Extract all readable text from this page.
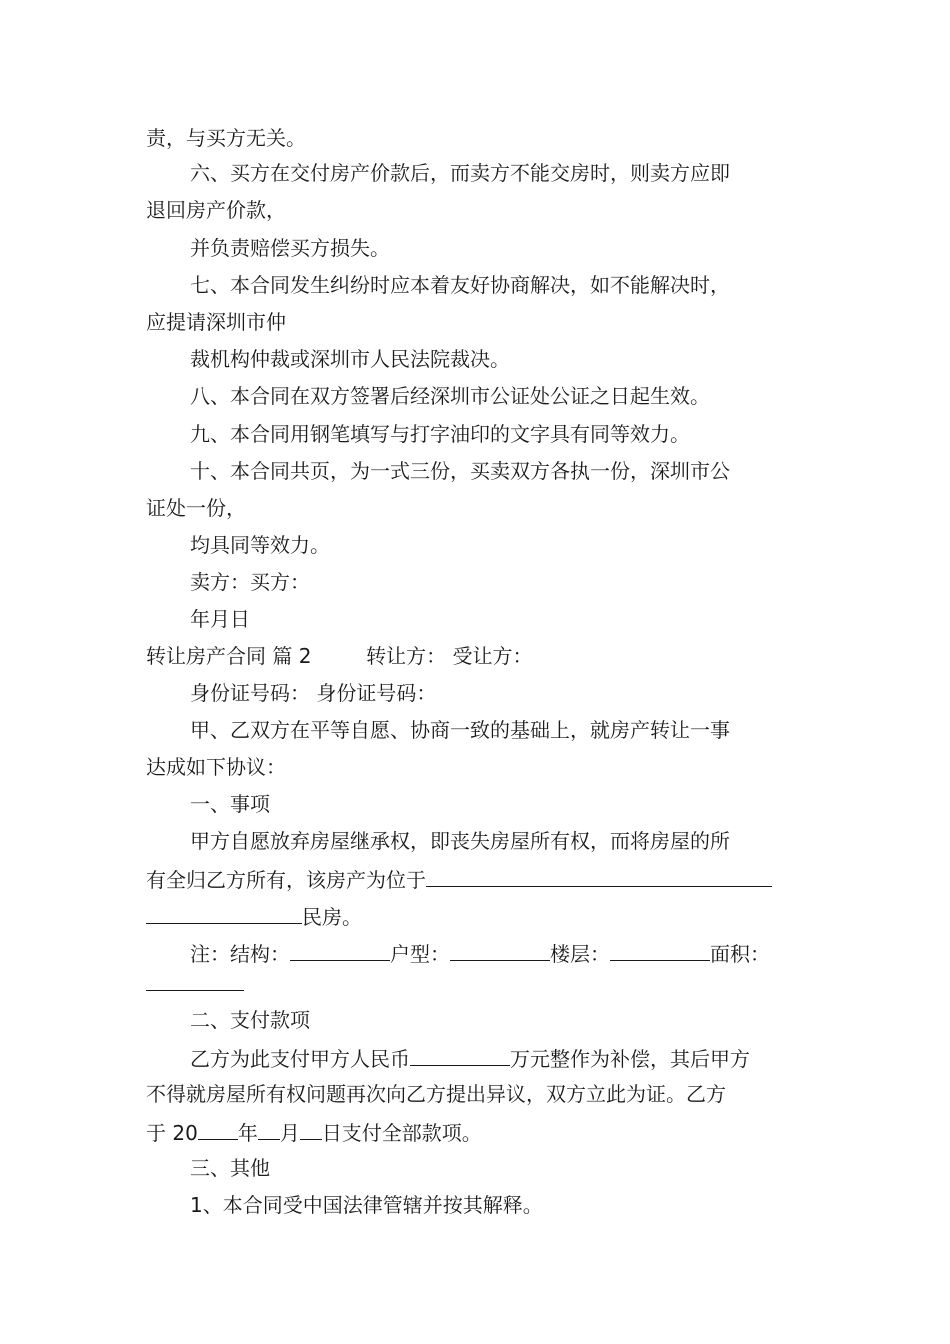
责，与买方无关。
六、买方在交付房产价款后，而卖方不能交房时，则卖方应即
退回房产价款，
并负责赔偿买方损失。
七、本合同发生纠纷时应本着友好协商解决，如不能解决时，
应提请深圳市仲
裁机构仲裁或深圳市人民法院裁决。
八、本合同在双方签署后经深圳市公证处公证之日起生效。
九、本合同用钢笔填写与打字油印的文字具有同等效力。
十、本合同共页，为一式三份，买卖双方各执一份，深圳市公
证处一份，
均具同等效力。
卖方：买方：
年月日
转让房产合同 篇 2	转让方： 受让方：
身份证号码： 身份证号码：
甲、乙双方在平等自愿、协商一致的基础上，就房产转让一事
达成如下协议：
一、事项
甲方自愿放弃房屋继承权，即丧失房屋所有权，而将房屋的所
有全归乙方所有，该房产为位于
民房。
注：结构：	户型：	楼层：	面积：
二、支付款项
乙方为此支付甲方人民币	万元整作为补偿，其后甲方
不得就房屋所有权问题再次向乙方提出异议，双方立此为证。乙方
于 20 年 月 日支付全部款项。
三、其他
1、本合同受中国法律管辖并按其解释。
